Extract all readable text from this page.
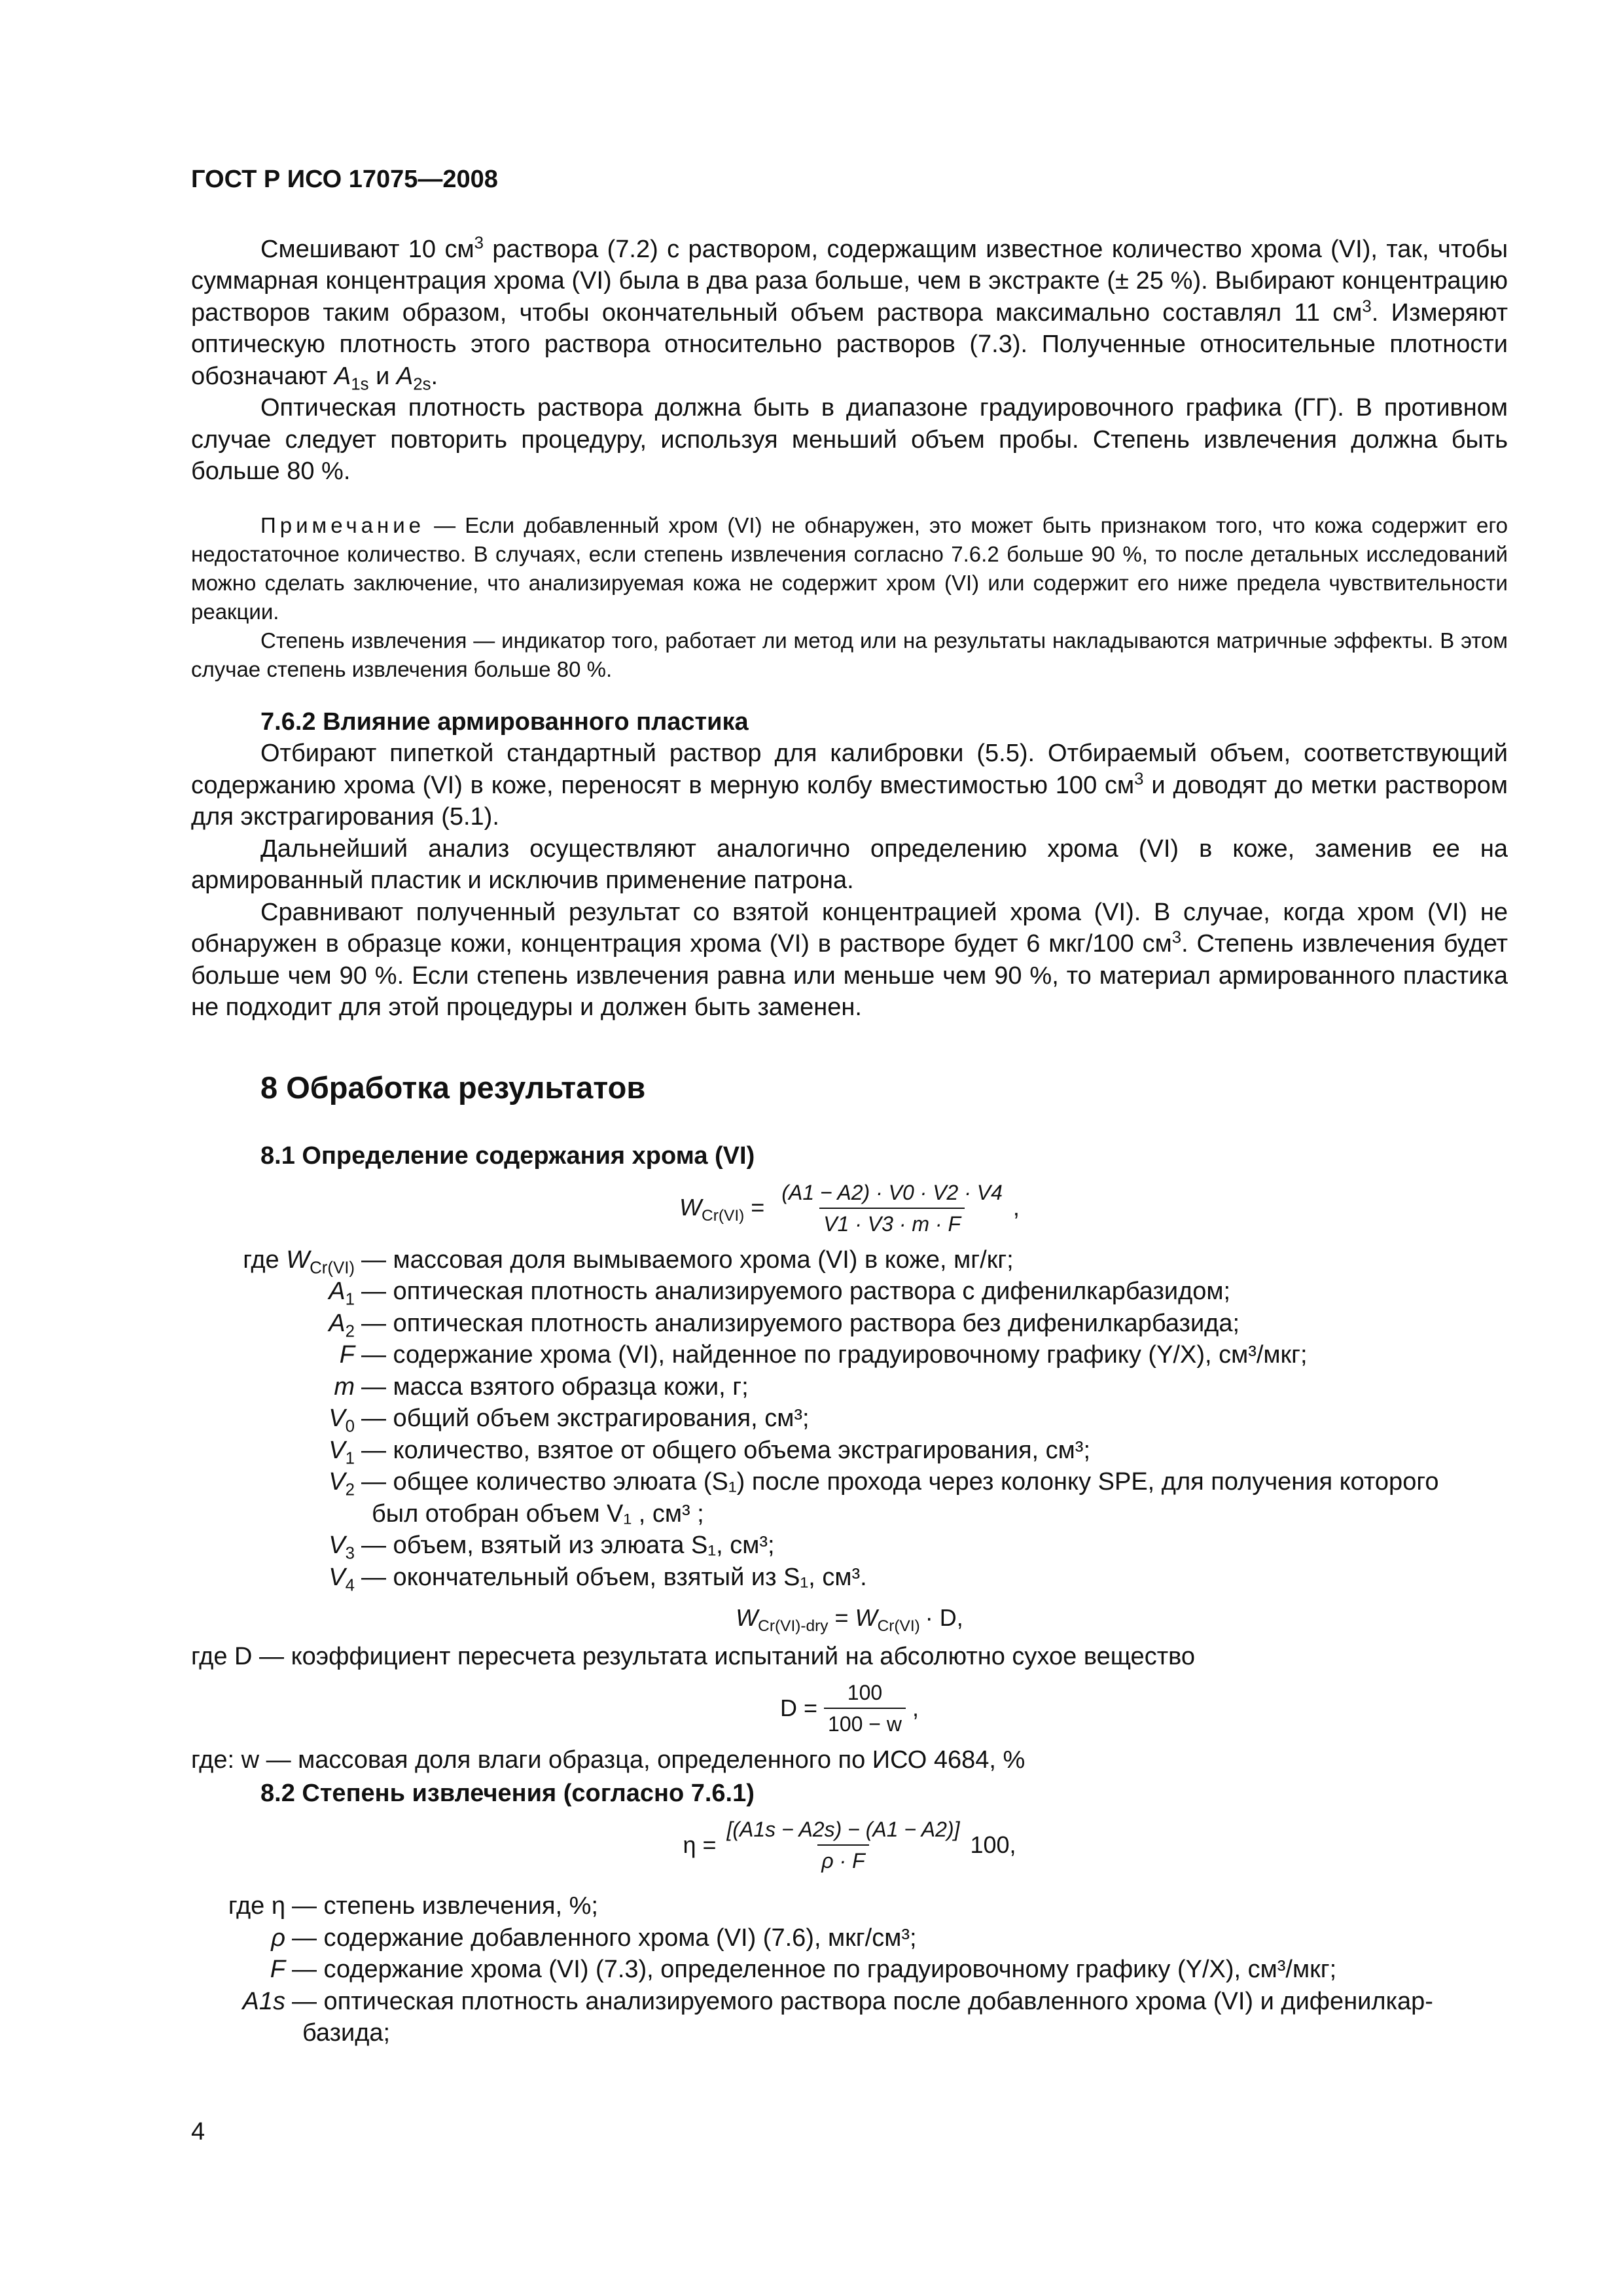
ГОСТ Р ИСО 17075—2008

Смешивают 10 $см^3$ раствора (7.2) с раствором, содержащим известное количество хрома (VI), так, чтобы суммарная концентрация хрома (VI) была в два раза больше, чем в экстракте (± 25 %). Выбирают концентрацию растворов таким образом, чтобы окончательный объем раствора максимально составлял 11 $см^3$. Измеряют оптическую плотность этого раствора относительно растворов (7.3). Полученные относительные плотности обозначают $A_{1s}$ и $A_{2s}$.

Оптическая плотность раствора должна быть в диапазоне градуировочного графика (ГГ). В противном случае следует повторить процедуру, используя меньший объем пробы. Степень извлечения должна быть больше 80 %.

Примечание — Если добавленный хром (VI) не обнаружен, это может быть признаком того, что кожа содержит его недостаточное количество. В случаях, если степень извлечения согласно 7.6.2 больше 90 %, то после детальных исследований можно сделать заключение, что анализируемая кожа не содержит хром (VI) или содержит его ниже предела чувствительности реакции.

Степень извлечения — индикатор того, работает ли метод или на результаты накладываются матричные эффекты. В этом случае степень извлечения больше 80 %.

7.6.2 Влияние армированного пластика

Отбирают пипеткой стандартный раствор для калибровки (5.5). Отбираемый объем, соответствующий содержанию хрома (VI) в коже, переносят в мерную колбу вместимостью 100 $см^3$ и доводят до метки раствором для экстрагирования (5.1).

Дальнейший анализ осуществляют аналогично определению хрома (VI) в коже, заменив ее на армированный пластик и исключив применение патрона.

Сравнивают полученный результат со взятой концентрацией хрома (VI). В случае, когда хром (VI) не обнаружен в образце кожи, концентрация хрома (VI) в растворе будет 6 мкг/100 $см^3$. Степень извлечения будет больше чем 90 %. Если степень извлечения равна или меньше чем 90 %, то материал армированного пластика не подходит для этой процедуры и должен быть заменен.

8 Обработка результатов
8.1 Определение содержания хрома (VI)
$W_{Cr(VI)} = \frac{(A1 - A2) \cdot V0 \cdot V2 \cdot V4}{V1 \cdot V3 \cdot m \cdot F}$ ,
где $W_{Cr(VI)}$ — массовая доля вымываемого хрома (VI) в коже, мг/кг;
$A_1$ — оптическая плотность анализируемого раствора с дифенилкарбазидом;
$A_2$ — оптическая плотность анализируемого раствора без дифенилкарбазида;
F — содержание хрома (VI), найденное по градуировочному графику (Y/X), см³/мкг;
m — масса взятого образца кожи, г;
$V_0$ — общий объем экстрагирования, см³;
$V_1$ — количество, взятое от общего объема экстрагирования, см³;
$V_2$ — общее количество элюата (S₁) после прохода через колонку SPE, для получения которого
был отобран объем V₁ , см³ ;
$V_3$ — объем, взятый из элюата S₁, см³;
$V_4$ — окончательный объем, взятый из S₁, см³.
$W_{Cr(VI)-dry} = W_{Cr(VI)} \cdot D$,

где D — коэффициент пересчета результата испытаний на абсолютно сухое вещество

$D = \frac{100}{100 - w}$ ,

где: w — массовая доля влаги образца, определенного по ИСО 4684, %

8.2 Степень извлечения (согласно 7.6.1)
$\eta = \frac{[(A1s - A2s) - (A1 - A2)]}{\rho \cdot F} 100$,
где η — степень извлечения, %;
ρ — содержание добавленного хрома (VI) (7.6), мкг/см³;
F — содержание хрома (VI) (7.3), определенное по градуировочному графику (Y/X), см³/мкг;
A1s — оптическая плотность анализируемого раствора после добавленного хрома (VI) и дифенилкар-
базида;
4
